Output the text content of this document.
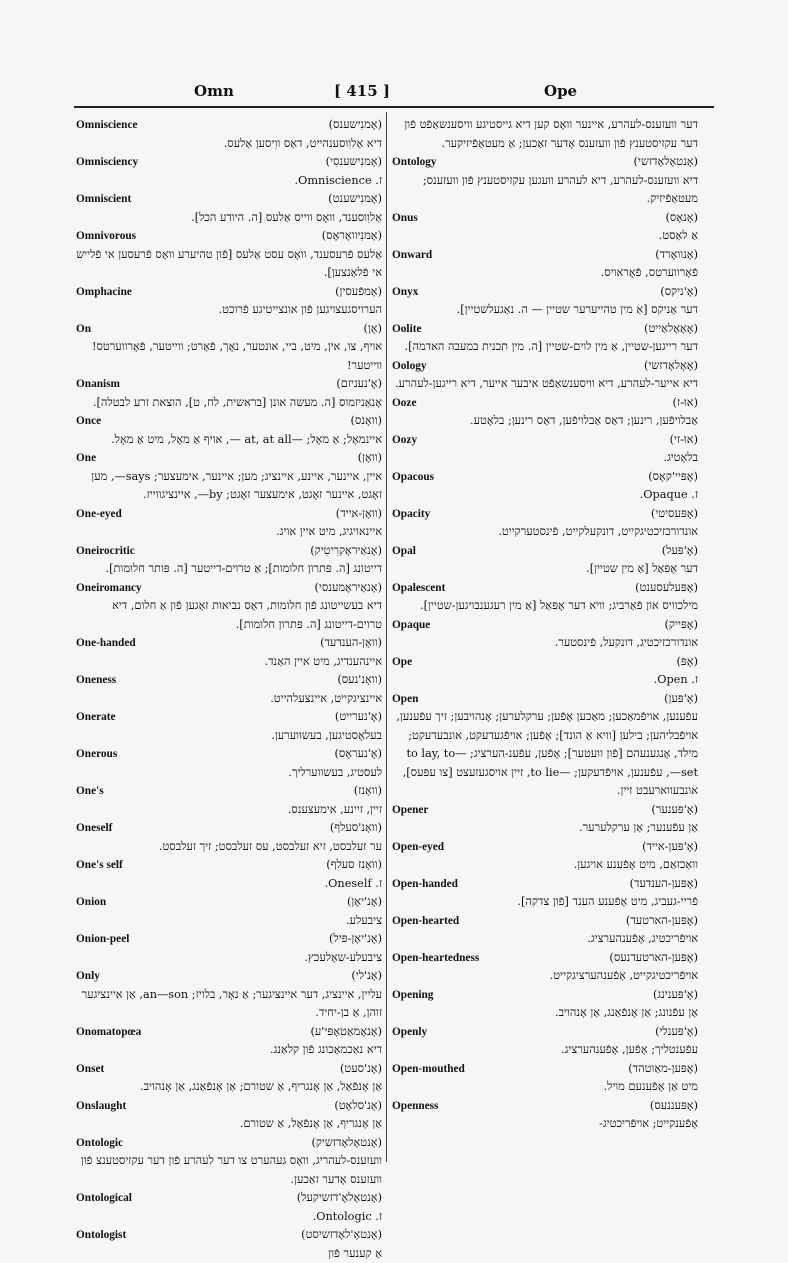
Omn	[ 415 ]	Ope
Omniscience	(אָמנִישענס)
דיא אַלוִוסענהייט, דאַס ווִיסען אַלעס.
Omnisciency	(אָמנִישענסִי)
ז. Omniscience.
Omniscient	(אָמנִישענט)
אַלוִוסענד, וואָס ווייס אַלעס [ה. היודע הכל].
Omnivorous	(אָמנִיוואָראָס)
אַלעס פֿרעסענד, וואָס עסט אַלעס [פֿון טהיערע וואָס פֿרעסען אי פֿלייש אי פֿלאַנצען].
Omphacine	(אָמפֿעסין)
הערויסגעצויגען פֿון אונצייטיגע פֿרוכט.
On	(אָן)
אויף, צו, אין, מיט, ביי, אונטער, נאָך, פֿאָרט; ווייטער, פֿאָרווערטס! ווייטער!
Onanism	(אָ'נעניזם)
אָנאַניזמוס [ה. מעשה אונן [בראשית, לח, ט], הוצאת זרע לבטלה].
Once	(וואָנס)
איינמאָל; אַ מאָל; —at, at all —, אויף אַ מאָל, מיט אַ מאָל.
One	(וואָן)
איין, איינער, איינע, איינציג; מען; איינער, אימעצער; says—, מען זאָגט, איינער זאָגט, אימעצער זאָגט; by—, איינציגווייז.
One-eyed	(וואָן-אייד)
איינאויגיג, מיט איין אויג.
Oneirocritic	(אָנאַיראָקרִיטִיק)
דייטונג [ה. פּתרון חלומות]; אַ טרוים-דייטער [ה. פּותר חלומות].
Oneiromancy	(אָנאַיראָמענסי)
דיא בעשייטונג פֿון חלומות, דאָס נביאות זאָגען פֿון אַ חלום, דיא טרוים-דייטונג [ה. פּתרון חלומות].
One-handed	(וואָן-הענדעד)
איינהענדיג, מיט איין האַנד.
Oneness	(וואָנ'נעס)
איינציגקייט, איינצעלהייט.
Onerate	(אָ'נערייט)
בעלאָסטיגען, בעשווערען.
Onerous	(אָ'נעראָס)
לעסטיג, בעשווערליך.
One's	(וואָנז)
זיין, זיינע, אימעצענס.
Oneself	(וואָנ'סעלף)
ער זעלבסט, זיא זעלבסט, עס זעלבסט; זיך זעלבסט.
One's self	(וואָנז סעלף)
ז. Oneself.
Onion	(אָנ'יאָן)
ציבעלע.
Onion-peel	(אָנ'יאָן-פּיל)
ציבעלע-שאָלעכץ.
Only	(אָנ'לי)
עליין, איינציג, דער איינציגער; אַ נאָר, בלויז; an—son, אַן איינציגער זוהן, אַ בן-יחיד.
Onomatopœa	(אָנאָמאַטאָפּי'ע)
דיא נאַכמאַכונג פֿון קלאַנג.
Onset	(אָנ'סעט)
אַן אָנפֿאַל, אַן אָנגריף, אַ שטורם; אַן אָנפֿאַנג, אַן אָנהויב.
Onslaught	(אָנ'סלאָט)
אַן אָנגריף, אַן אָנפֿאַל, אַ שטורם.
Ontologic	(אָנטאָלאָדזשיק)
וועזענס-לעהריג, וואָס געהערט צו דער לעהרע פֿון דער עקזיסטענצ פֿון וועזענס אָדער זאַכען.
Ontological	(אָנטאָלאָ'דזשיקעל)
ז. Ontologic.
Ontologist	(אָנטאָ'לאָדזשיסט)
אַ קענער פֿון
דער וועזענס-לעהרע, איינער וואָס קען דיא גייסטיגע וויסענשאַפֿט פֿון דער עקזיסטענץ פֿון וועזענס אָדער זאַכען; אַ מעטאַפֿיזיקער.
Ontology	(אָנטאָלאָדזשי)
דיא וועזענס-לעהרע, דיא לעהרע וועגען עקזיסטענץ פֿון וועזענס; מעטאַפֿיזיק.
Onus	(אָנאָס)
אַ לאַסט.
Onward	(אָנוואָרד)
פֿאָרווערטס, פֿאָראויס.
Onyx	(אָ'ניקס)
דער אָניקס [אַ מין טהייערער שטיין — ה. נאַגעלשטיין].
Oolite	(אָאָאָלאַייט)
דער רייגען-שטיין, אַ מין לוים-שטיין [ה. מין תכנית במעבה האדמה].
Oology	(אָאָלאָדזשי)
דיא אייער-לעהרע, דיא וויסענשאַפֿט איבער אייער, דיא רייגען-לעהרע.
Ooze	(אוּ-ז)
אַבלויפֿען, רינען; דאַס אַבלויפֿען, דאַס רינען; בלאָטע.
Oozy	(אוּ-זי)
בלאָטיג.
Opacous	(אָפּיי'קאָס)
ז. Opaque.
Opacity	(אָפּעסיטי)
אונדורכזיכטיגקייט, דונקעלקייט, פֿינסטערקייט.
Opal	(אָ'פּעל)
דער אָפּאַל [אַ מין שטיין].
Opalescent	(אָפּעלעסענט)
מילכוויס און פֿאַרביג; וויא דער אָפּאַל [אַ מין רעגענבויגען-שטיין].
Opaque	(אָפּייק)
אונדורכזיכטיג, דונקעל, פֿינסטער.
Ope	(אָפּ)
ז. Open.
Open	(אָ'פּען)
עפֿענען, אויפֿמאַכען; מאַכען אָפֿען; ערקלערען; אָנהויבען; זיך עפֿענען, אויפֿבליהען; בילען [וויא אַ הונד]; אָפֿען; אויפֿגעדעקט, אונבעדעקט; מילד, אָנגענעהם [פֿון וועטער]; אָפֿען, עפֿענ-הערציג; —to lay, to set—, עפֿענען, אויפֿדעקען; —to lie, זיין אויסגעזעצט [צו עפּעס], אונבעווארעבט זיין.
Opener	(אָ'פּענער)
אַן עפֿענער; אַן ערקלערער.
Open-eyed	(אָ'פּען-אייד)
וואַכזאַם, מיט אָפֿענע אויגען.
Open-handed	(אָפּען-הענדעד)
פֿריי-געביג, מיט אָפֿענע הענד [פֿון צדקה].
Open-hearted	(אָפּען-הארטעד)
אויפֿריכטיג, אָפֿענהערציג.
Open-heartedness	(אָפּען-הארטעדנעס)
אויפֿריכטיגקייט, אָפֿענהערציגקייט.
Opening	(אָ'פּענינג)
אַן עפֿנונג; אַן אָנפֿאַנג, אַן אָנהויב.
Openly	(אָ'פּענלי)
עפֿענטליך; אָפֿען, אָפֿענהערציג.
Open-mouthed	(אָפּען-מאַוטהד)
מיט אַן אָפֿענעם מויל.
Openness	(אָפּעננעס)
אָפֿענקייט; אויפֿריכטיג-
